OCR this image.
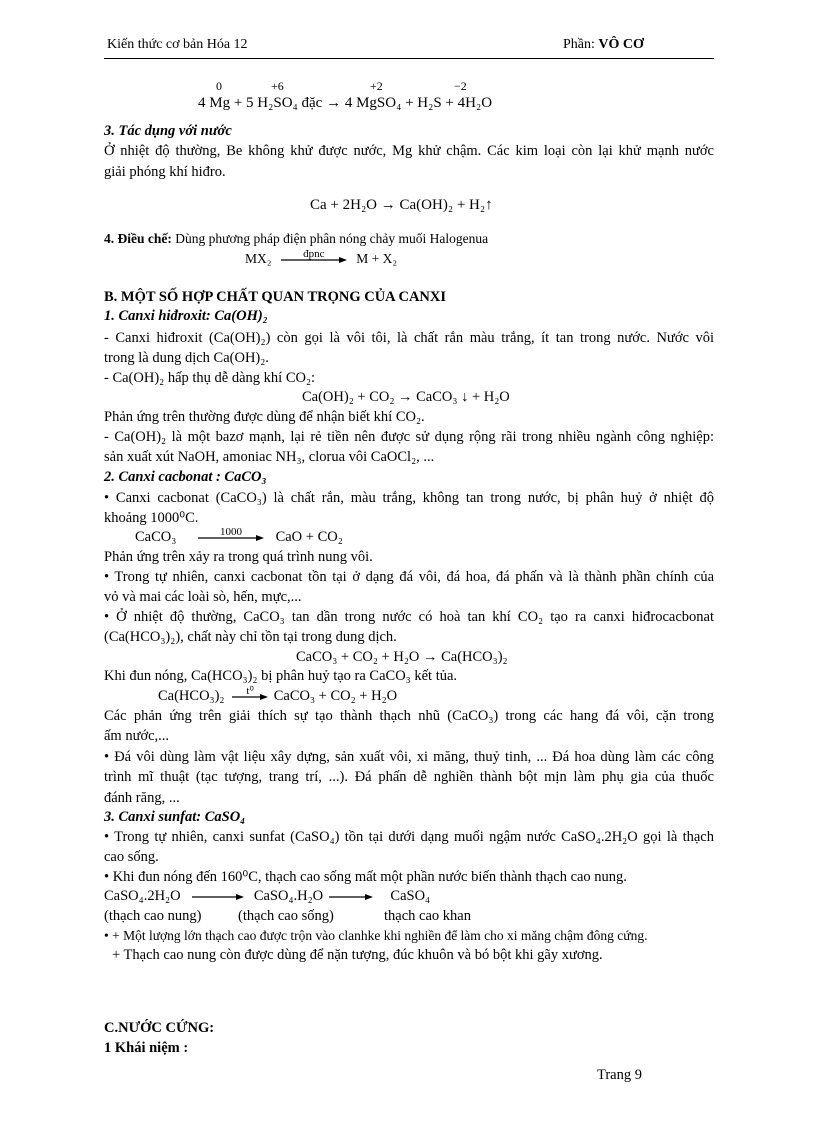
Kiến thức cơ bản Hóa 12	Phần: VÔ CƠ
0	+6	+2	−2
4 Mg + 5 H₂SO₄ đặc → 4 MgSO₄ + H₂S + 4H₂O
3. Tác dụng với nước
Ở nhiệt độ thường, Be không khử được nước, Mg khử chậm. Các kim loại còn lại khử mạnh nước
giải phóng khí hiđro.
Ca + 2H₂O → Ca(OH)₂ + H₂↑
4. Điều chế: Dùng phương pháp điện phân nóng chảy muối Halogenua
MX₂	đpnc	M + X₂
B. MỘT SỐ HỢP CHẤT QUAN TRỌNG CỦA CANXI
1. Canxi hiđroxit: Ca(OH)₂
- Canxi hiđroxit (Ca(OH)₂) còn gọi là vôi tôi, là chất rắn màu trắng, ít tan trong nước. Nước vôi
trong là dung dịch Ca(OH)₂.
- Ca(OH)₂ hấp thụ dễ dàng khí CO₂:
Ca(OH)₂ + CO₂ → CaCO₃ ↓ + H₂O
Phản ứng trên thường được dùng để nhận biết khí CO₂.
- Ca(OH)₂ là một bazơ mạnh, lại rẻ tiền nên được sử dụng rộng rãi trong nhiều ngành công nghiệp:
sản xuất xút NaOH, amoniac NH₃, clorua vôi CaOCl₂, ...
2. Canxi cacbonat : CaCO₃
• Canxi cacbonat (CaCO₃) là chất rắn, màu trắng, không tan trong nước, bị phân huỷ ở nhiệt độ
khoảng 1000⁰C.
CaCO₃	1000	CaO + CO₂
Phản ứng trên xảy ra trong quá trình nung vôi.
• Trong tự nhiên, canxi cacbonat tồn tại ở dạng đá vôi, đá hoa, đá phấn và là thành phần chính của
vỏ và mai các loài sò, hến, mực,...
• Ở nhiệt độ thường, CaCO₃ tan dần trong nước có hoà tan khí CO₂ tạo ra canxi hiđrocacbonat
(Ca(HCO₃)₂), chất này chỉ tồn tại trong dung dịch.
CaCO₃ + CO₂ + H₂O → Ca(HCO₃)₂
Khi đun nóng, Ca(HCO₃)₂ bị phân huỷ tạo ra CaCO₃ kết tủa.
Ca(HCO₃)₂	t⁰	CaCO₃ + CO₂ + H₂O
Các phản ứng trên giải thích sự tạo thành thạch nhũ (CaCO₃) trong các hang đá vôi, cặn trong
ấm nước,...
• Đá vôi dùng làm vật liệu xây dựng, sản xuất vôi, xi măng, thuỷ tinh, ... Đá hoa dùng làm các công
trình mĩ thuật (tạc tượng, trang trí, ...). Đá phấn dễ nghiền thành bột mịn làm phụ gia của thuốc
đánh răng, ...
3. Canxi sunfat: CaSO₄
• Trong tự nhiên, canxi sunfat (CaSO₄) tồn tại dưới dạng muối ngậm nước CaSO₄.2H₂O gọi là thạch
cao sống.
• Khi đun nóng đến 160⁰C, thạch cao sống mất một phần nước biến thành thạch cao nung.
CaSO₄.2H₂O → CaSO₄.H₂O → CaSO₄
(thạch cao nung)	(thạch cao sống)	thạch cao khan
• + Một lượng lớn thạch cao được trộn vào clanhke khi nghiền để làm cho xi măng chậm đông cứng.
+ Thạch cao nung còn được dùng để nặn tượng, đúc khuôn và bó bột khi gãy xương.
C.NƯỚC CỨNG:
1 Khái niệm :
Trang 9
